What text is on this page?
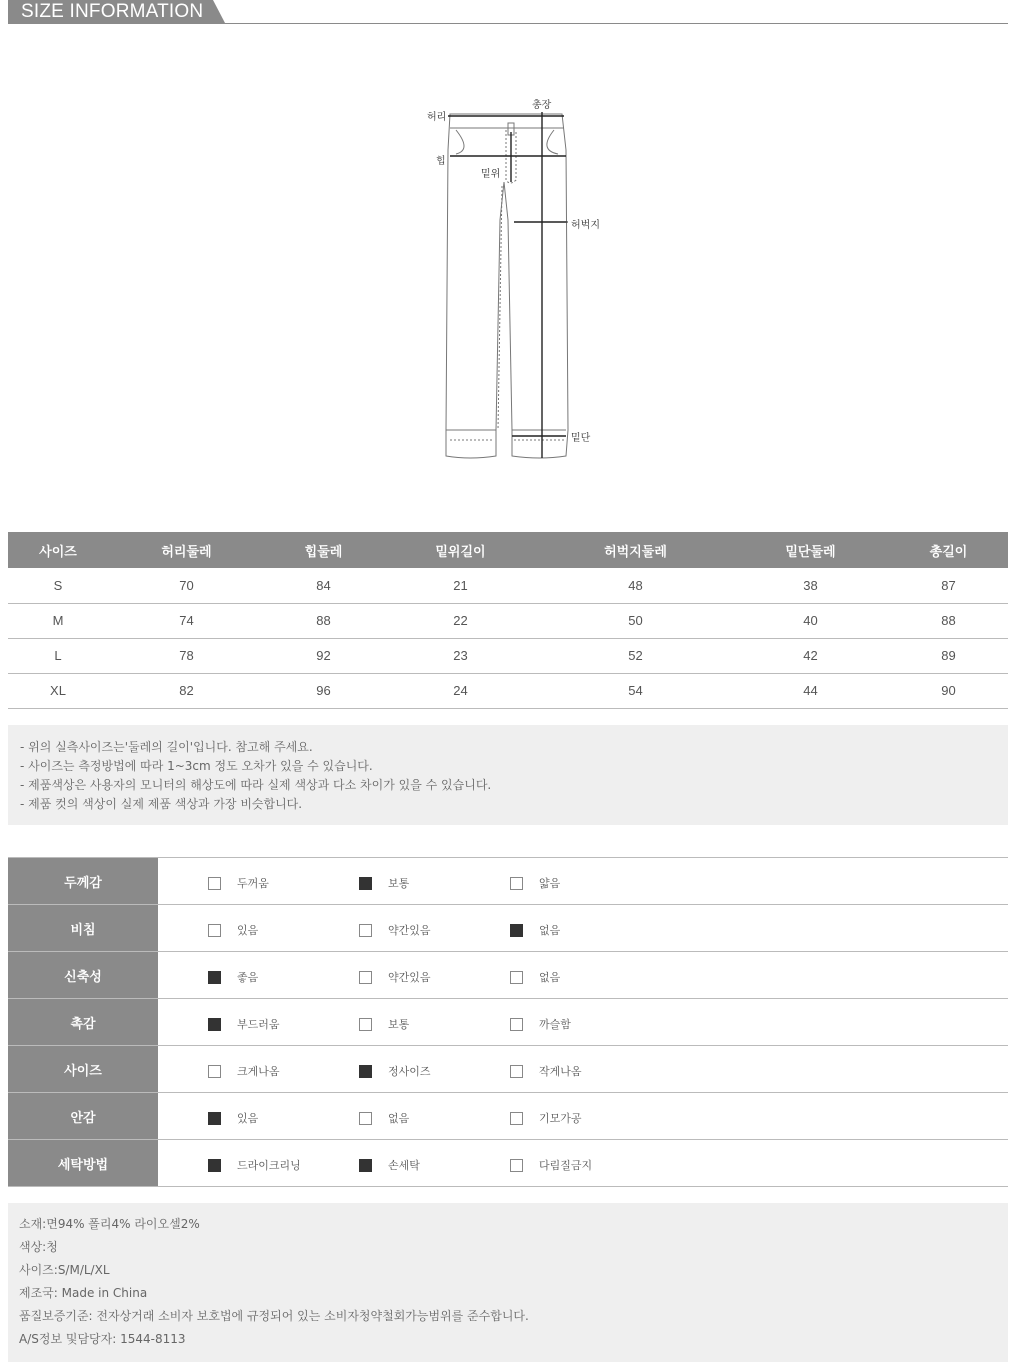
SIZE INFORMATION
허리
총장
힙
밑위
허벅지
밑단
사이즈	허리둘레	힙둘레	밑위길이	허벅지둘레	밑단둘레	총길이
S	70	84	21	48	38	87
M	74	88	22	50	40	88
L	78	92	23	52	42	89
XL	82	96	24	54	44	90
- 위의 실측사이즈는'둘레의 길이'입니다. 참고해 주세요.
- 사이즈는 측정방법에 따라 1~3cm 정도 오차가 있을 수 있습니다.
- 제품색상은 사용자의 모니터의 해상도에 따라 실제 색상과 다소 차이가 있을 수 있습니다.
- 제품 컷의 색상이 실제 제품 색상과 가장 비슷합니다.
두께감	두꺼움	보통	얇음
비침	있음	약간있음	없음
신축성	좋음	약간있음	없음
촉감	부드러움	보통	까슬함
사이즈	크게나옴	정사이즈	작게나옴
안감	있음	없음	기모가공
세탁방법	드라이크리닝	손세탁	다림질금지
소재:면94% 폴리4% 라이오셀2%
색상:청
사이즈:S/M/L/XL
제조국: Made in China
품질보증기준: 전자상거래 소비자 보호법에 규정되어 있는 소비자청약철회가능범위를 준수합니다.
A/S정보 및담당자: 1544-8113
